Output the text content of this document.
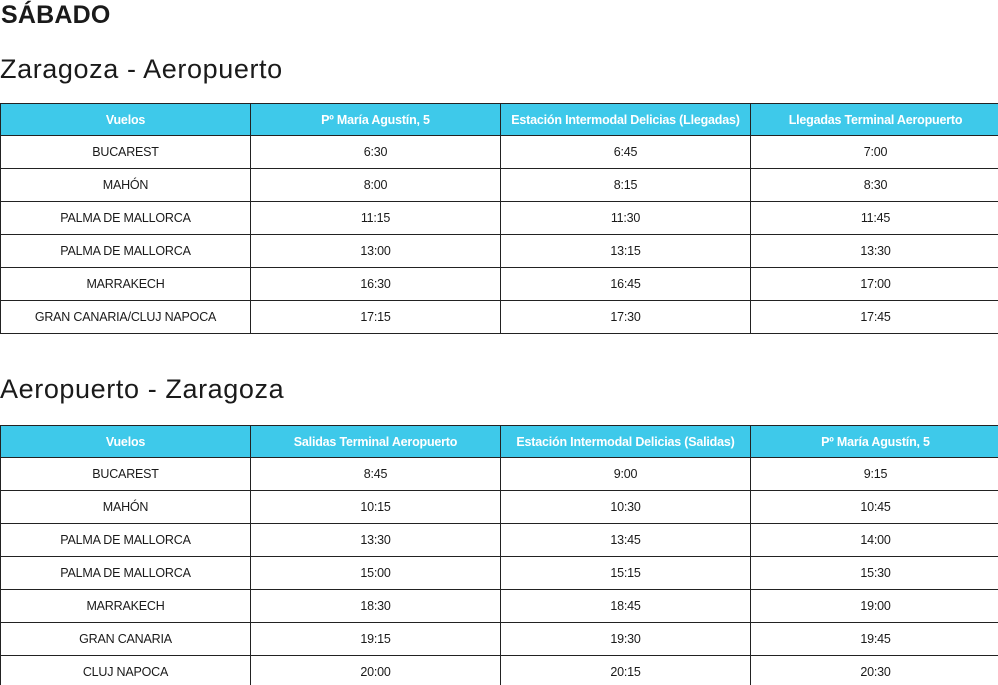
SÁBADO
Zaragoza - Aeropuerto
Vuelos	Pº María Agustín, 5	Estación Intermodal Delicias (Llegadas)	Llegadas Terminal Aeropuerto
BUCAREST	6:30	6:45	7:00
MAHÓN	8:00	8:15	8:30
PALMA DE MALLORCA	11:15	11:30	11:45
PALMA DE MALLORCA	13:00	13:15	13:30
MARRAKECH	16:30	16:45	17:00
GRAN CANARIA/CLUJ NAPOCA	17:15	17:30	17:45
Aeropuerto - Zaragoza
Vuelos	Salidas Terminal Aeropuerto	Estación Intermodal Delicias (Salidas)	Pº María Agustín, 5
BUCAREST	8:45	9:00	9:15
MAHÓN	10:15	10:30	10:45
PALMA DE MALLORCA	13:30	13:45	14:00
PALMA DE MALLORCA	15:00	15:15	15:30
MARRAKECH	18:30	18:45	19:00
GRAN CANARIA	19:15	19:30	19:45
CLUJ NAPOCA	20:00	20:15	20:30
